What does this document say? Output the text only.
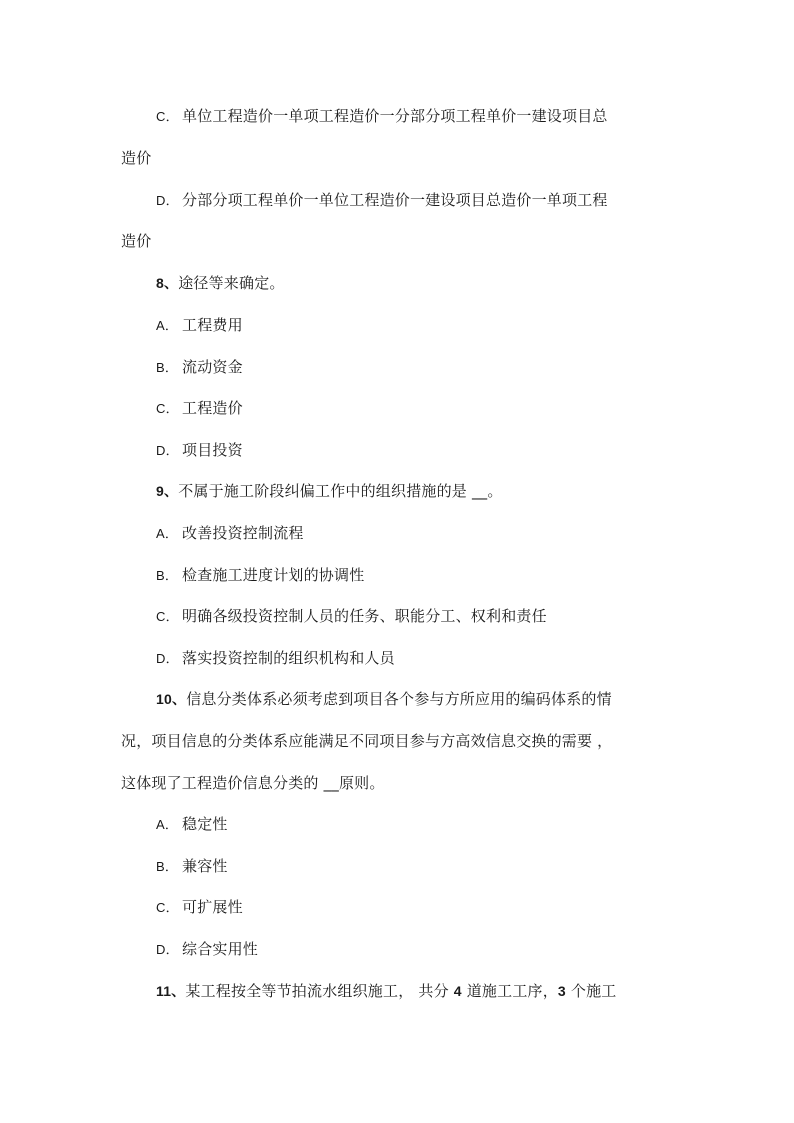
C． 单位工程造价一单项工程造价一分部分项工程单价一建设项目总
造价
D． 分部分项工程单价一单位工程造价一建设项目总造价一单项工程
造价
8、途径等来确定。
A． 工程费用
B． 流动资金
C． 工程造价
D． 项目投资
9、不属于施工阶段纠偏工作中的组织措施的是 __。
A． 改善投资控制流程
B． 检查施工进度计划的协调性
C． 明确各级投资控制人员的任务、职能分工、权利和责任
D． 落实投资控制的组织机构和人员
10、信息分类体系必须考虑到项目各个参与方所应用的编码体系的情
况，项目信息的分类体系应能满足不同项目参与方高效信息交换的需要 ，
这体现了工程造价信息分类的 __原则。
A． 稳定性
B． 兼容性
C． 可扩展性
D． 综合实用性
11、某工程按全等节拍流水组织施工， 共分 4 道施工工序，3 个施工
